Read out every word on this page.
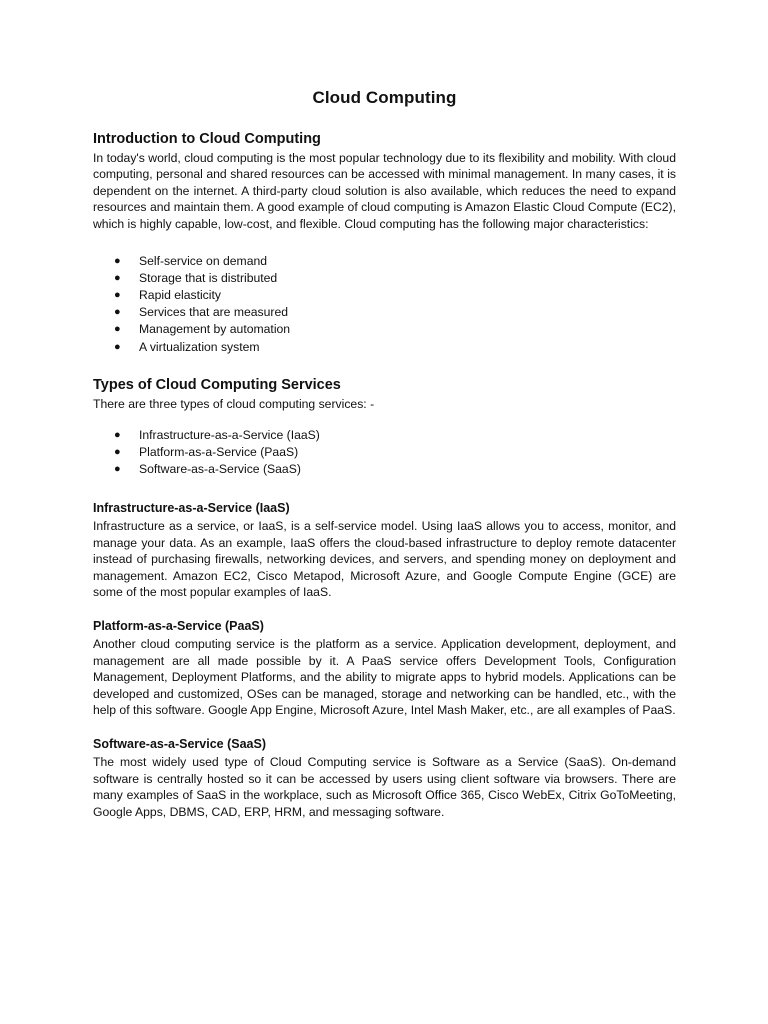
Cloud Computing
Introduction to Cloud Computing

In today's world, cloud computing is the most popular technology due to its flexibility and mobility. With cloud computing, personal and shared resources can be accessed with minimal management. In many cases, it is dependent on the internet. A third-party cloud solution is also available, which reduces the need to expand resources and maintain them. A good example of cloud computing is Amazon Elastic Cloud Compute (EC2), which is highly capable, low-cost, and flexible. Cloud computing has the following major characteristics:

● Self-service on demand
● Storage that is distributed
● Rapid elasticity
● Services that are measured
● Management by automation
● A virtualization system
Types of Cloud Computing Services

There are three types of cloud computing services: -

● Infrastructure-as-a-Service (IaaS)
● Platform-as-a-Service (PaaS)
● Software-as-a-Service (SaaS)
Infrastructure-as-a-Service (IaaS)

Infrastructure as a service, or IaaS, is a self-service model. Using IaaS allows you to access, monitor, and manage your data. As an example, IaaS offers the cloud-based infrastructure to deploy remote datacenter instead of purchasing firewalls, networking devices, and servers, and spending money on deployment and management. Amazon EC2, Cisco Metapod, Microsoft Azure, and Google Compute Engine (GCE) are some of the most popular examples of IaaS.

Platform-as-a-Service (PaaS)

Another cloud computing service is the platform as a service. Application development, deployment, and management are all made possible by it. A PaaS service offers Development Tools, Configuration Management, Deployment Platforms, and the ability to migrate apps to hybrid models. Applications can be developed and customized, OSes can be managed, storage and networking can be handled, etc., with the help of this software. Google App Engine, Microsoft Azure, Intel Mash Maker, etc., are all examples of PaaS.

Software-as-a-Service (SaaS)

The most widely used type of Cloud Computing service is Software as a Service (SaaS). On-demand software is centrally hosted so it can be accessed by users using client software via browsers. There are many examples of SaaS in the workplace, such as Microsoft Office 365, Cisco WebEx, Citrix GoToMeeting, Google Apps, DBMS, CAD, ERP, HRM, and messaging software.
